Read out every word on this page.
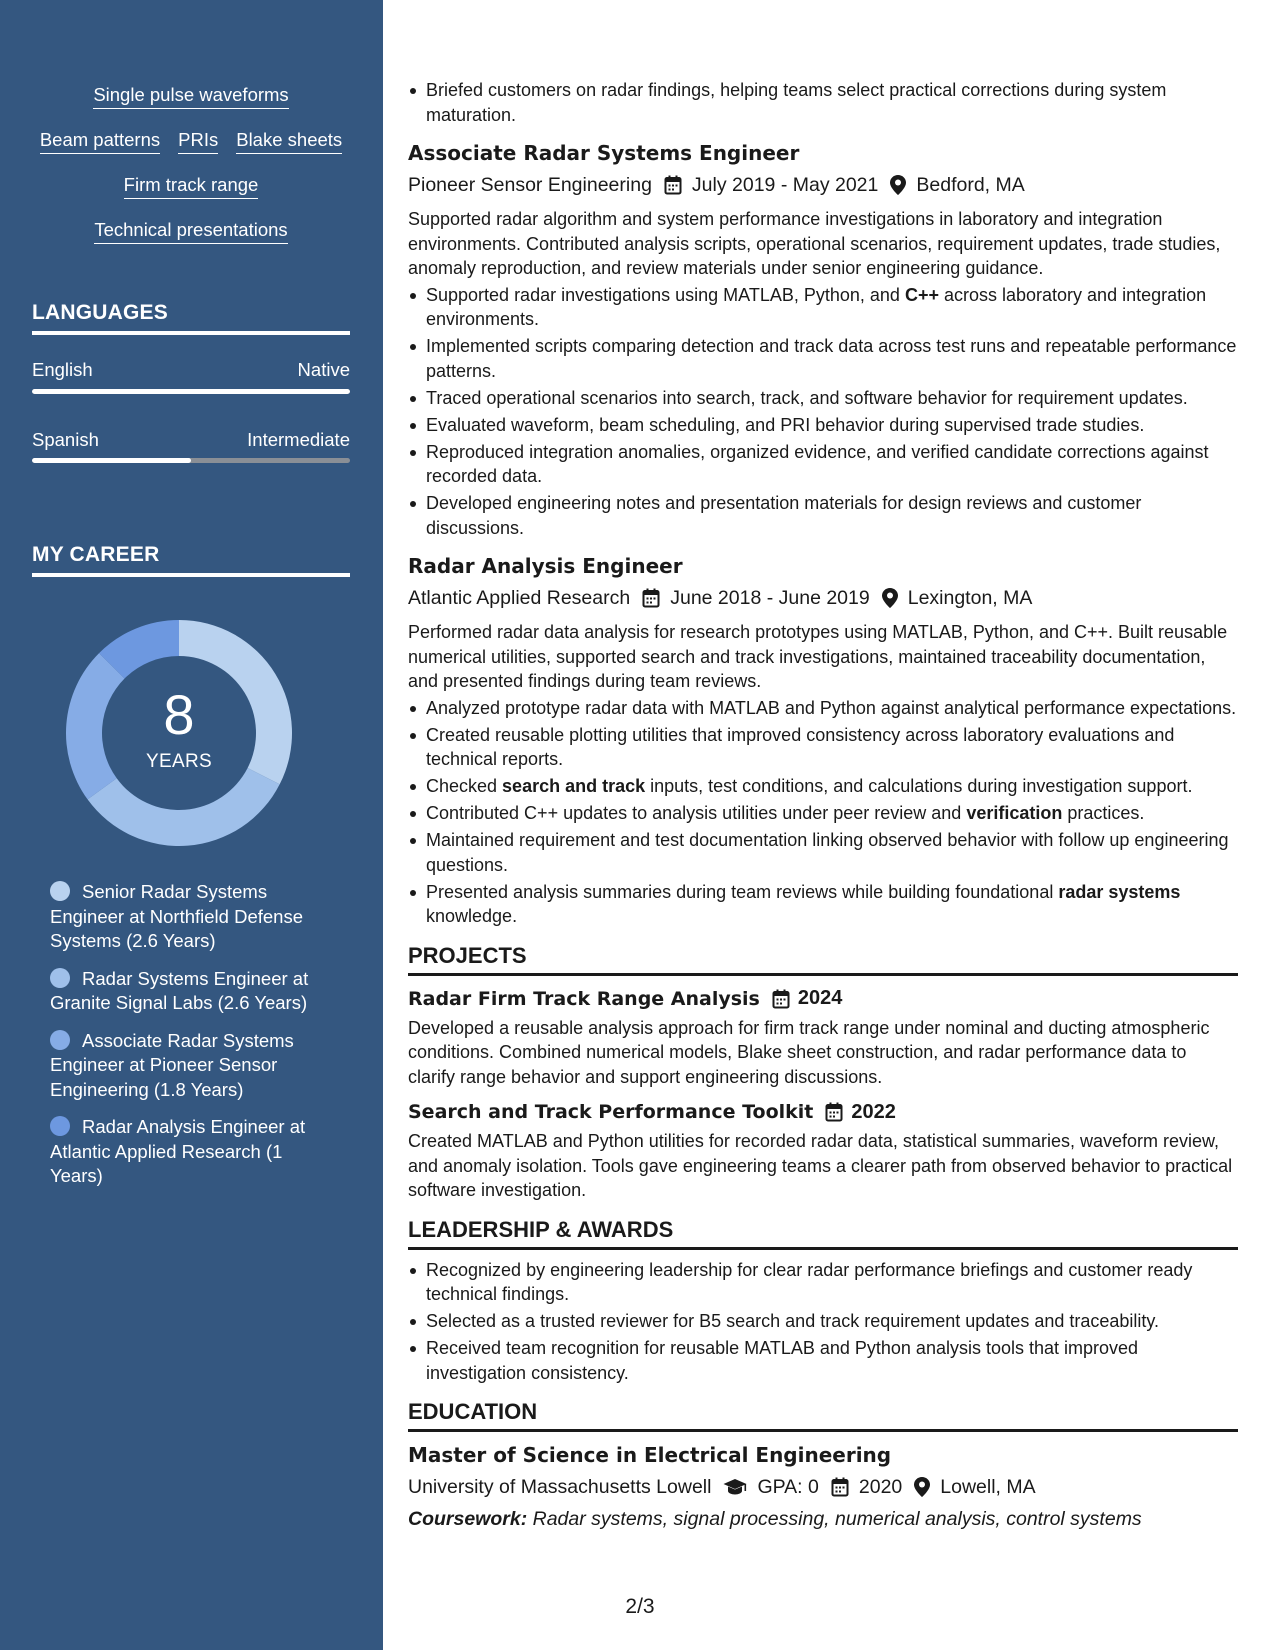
Single pulse waveforms
Beam patterns PRIs Blake sheets
Firm track range
Technical presentations
LANGUAGES
English	Native
Spanish	Intermediate
MY CAREER
8
YEARS
Senior Radar Systems Engineer at Northfield Defense Systems (2.6 Years)
Radar Systems Engineer at Granite Signal Labs (2.6 Years)
Associate Radar Systems Engineer at Pioneer Sensor Engineering (1.8 Years)
Radar Analysis Engineer at Atlantic Applied Research (1 Years)
Briefed customers on radar findings, helping teams select practical corrections during system maturation.
Associate Radar Systems Engineer
Pioneer Sensor Engineering July 2019 - May 2021 Bedford, MA
Supported radar algorithm and system performance investigations in laboratory and integration environments. Contributed analysis scripts, operational scenarios, requirement updates, trade studies, anomaly reproduction, and review materials under senior engineering guidance.
Supported radar investigations using MATLAB, Python, and C++ across laboratory and integration environments.
Implemented scripts comparing detection and track data across test runs and repeatable performance patterns.
Traced operational scenarios into search, track, and software behavior for requirement updates.
Evaluated waveform, beam scheduling, and PRI behavior during supervised trade studies.
Reproduced integration anomalies, organized evidence, and verified candidate corrections against recorded data.
Developed engineering notes and presentation materials for design reviews and customer discussions.
Radar Analysis Engineer
Atlantic Applied Research June 2018 - June 2019 Lexington, MA
Performed radar data analysis for research prototypes using MATLAB, Python, and C++. Built reusable numerical utilities, supported search and track investigations, maintained traceability documentation, and presented findings during team reviews.
Analyzed prototype radar data with MATLAB and Python against analytical performance expectations.
Created reusable plotting utilities that improved consistency across laboratory evaluations and technical reports.
Checked search and track inputs, test conditions, and calculations during investigation support.
Contributed C++ updates to analysis utilities under peer review and verification practices.
Maintained requirement and test documentation linking observed behavior with follow up engineering questions.
Presented analysis summaries during team reviews while building foundational radar systems knowledge.
PROJECTS
Radar Firm Track Range Analysis 2024
Developed a reusable analysis approach for firm track range under nominal and ducting atmospheric conditions. Combined numerical models, Blake sheet construction, and radar performance data to clarify range behavior and support engineering discussions.
Search and Track Performance Toolkit 2022
Created MATLAB and Python utilities for recorded radar data, statistical summaries, waveform review, and anomaly isolation. Tools gave engineering teams a clearer path from observed behavior to practical software investigation.
LEADERSHIP & AWARDS
Recognized by engineering leadership for clear radar performance briefings and customer ready technical findings.
Selected as a trusted reviewer for B5 search and track requirement updates and traceability.
Received team recognition for reusable MATLAB and Python analysis tools that improved investigation consistency.
EDUCATION
Master of Science in Electrical Engineering
University of Massachusetts Lowell GPA: 0 2020 Lowell, MA
Coursework: Radar systems, signal processing, numerical analysis, control systems
2/3
